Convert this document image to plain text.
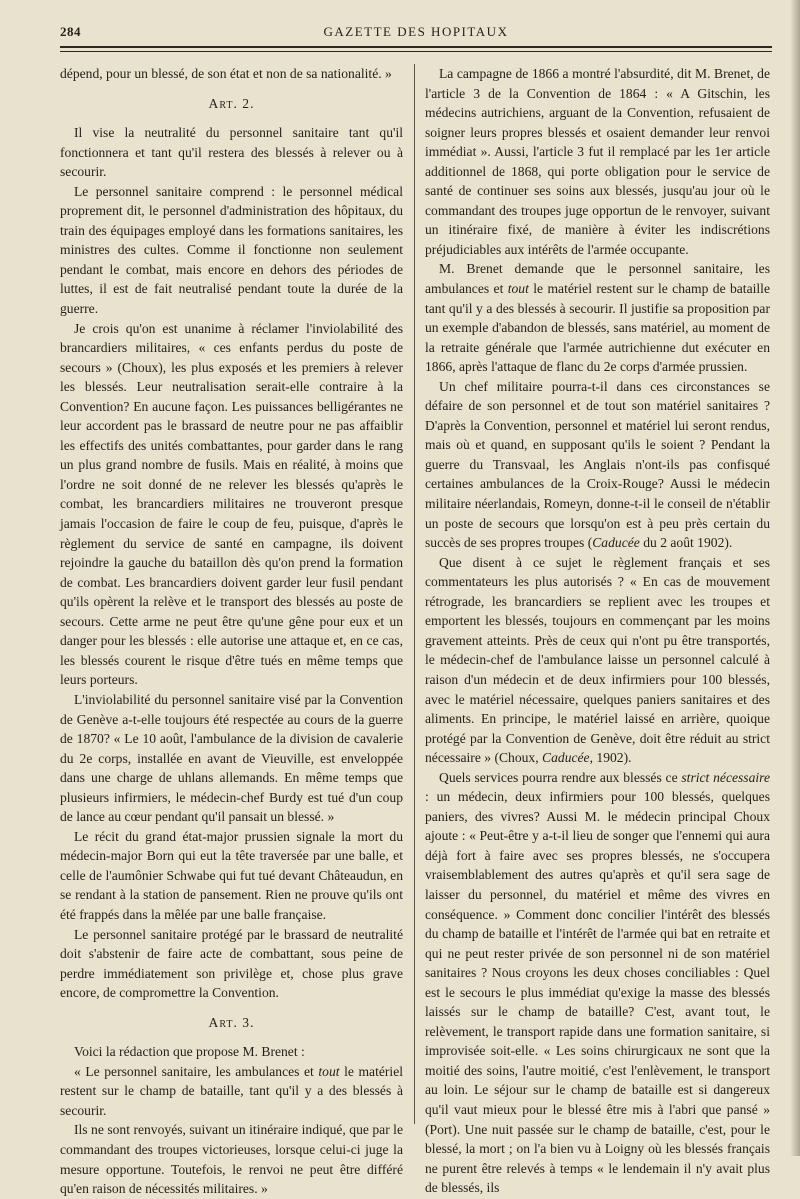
284	GAZETTE DES HOPITAUX

dépend, pour un blessé, de son état et non de sa nationalité. »

Art. 2.

Il vise la neutralité du personnel sanitaire tant qu'il fonctionnera et tant qu'il restera des blessés à relever ou à secourir.

Le personnel sanitaire comprend : le personnel médical proprement dit, le personnel d'administration des hôpitaux, du train des équipages employé dans les formations sanitaires, les ministres des cultes. Comme il fonctionne non seulement pendant le combat, mais encore en dehors des périodes de luttes, il est de fait neutralisé pendant toute la durée de la guerre.

Je crois qu'on est unanime à réclamer l'inviolabilité des brancardiers militaires, « ces enfants perdus du poste de secours » (Choux), les plus exposés et les premiers à relever les blessés. Leur neutralisation serait-elle contraire à la Convention? En aucune façon. Les puissances belligérantes ne leur accordent pas le brassard de neutre pour ne pas affaiblir les effectifs des unités combattantes, pour garder dans le rang un plus grand nombre de fusils. Mais en réalité, à moins que l'ordre ne soit donné de ne relever les blessés qu'après le combat, les brancardiers militaires ne trouveront presque jamais l'occasion de faire le coup de feu, puisque, d'après le règlement du service de santé en campagne, ils doivent rejoindre la gauche du bataillon dès qu'on prend la formation de combat. Les brancardiers doivent garder leur fusil pendant qu'ils opèrent la relève et le transport des blessés au poste de secours. Cette arme ne peut être qu'une gêne pour eux et un danger pour les blessés : elle autorise une attaque et, en ce cas, les blessés courent le risque d'être tués en même temps que leurs porteurs.

L'inviolabilité du personnel sanitaire visé par la Convention de Genève a-t-elle toujours été respectée au cours de la guerre de 1870? « Le 10 août, l'ambulance de la division de cavalerie du 2e corps, installée en avant de Vieuville, est enveloppée dans une charge de uhlans allemands. En même temps que plusieurs infirmiers, le médecin-chef Burdy est tué d'un coup de lance au cœur pendant qu'il pansait un blessé. »

Le récit du grand état-major prussien signale la mort du médecin-major Born qui eut la tête traversée par une balle, et celle de l'aumônier Schwabe qui fut tué devant Châteaudun, en se rendant à la station de pansement. Rien ne prouve qu'ils ont été frappés dans la mêlée par une balle française.

Le personnel sanitaire protégé par le brassard de neutralité doit s'abstenir de faire acte de combattant, sous peine de perdre immédiatement son privilège et, chose plus grave encore, de compromettre la Convention.

Art. 3.

Voici la rédaction que propose M. Brenet :

« Le personnel sanitaire, les ambulances et tout le matériel restent sur le champ de bataille, tant qu'il y a des blessés à secourir.

Ils ne sont renvoyés, suivant un itinéraire indiqué, que par le commandant des troupes victorieuses, lorsque celui-ci juge la mesure opportune. Toutefois, le renvoi ne peut être différé qu'en raison de nécessités militaires. »

La campagne de 1866 a montré l'absurdité, dit M. Brenet, de l'article 3 de la Convention de 1864 : « A Gitschin, les médecins autrichiens, arguant de la Convention, refusaient de soigner leurs propres blessés et osaient demander leur renvoi immédiat ». Aussi, l'article 3 fut il remplacé par les 1er article additionnel de 1868, qui porte obligation pour le service de santé de continuer ses soins aux blessés, jusqu'au jour où le commandant des troupes juge opportun de le renvoyer, suivant un itinéraire fixé, de manière à éviter les indiscrétions préjudiciables aux intérêts de l'armée occupante.

M. Brenet demande que le personnel sanitaire, les ambulances et tout le matériel restent sur le champ de bataille tant qu'il y a des blessés à secourir. Il justifie sa proposition par un exemple d'abandon de blessés, sans matériel, au moment de la retraite générale que l'armée autrichienne dut exécuter en 1866, après l'attaque de flanc du 2e corps d'armée prussien.

Un chef militaire pourra-t-il dans ces circonstances se défaire de son personnel et de tout son matériel sanitaires ? D'après la Convention, personnel et matériel lui seront rendus, mais où et quand, en supposant qu'ils le soient ? Pendant la guerre du Transvaal, les Anglais n'ont-ils pas confisqué certaines ambulances de la Croix-Rouge? Aussi le médecin militaire néerlandais, Romeyn, donne-t-il le conseil de n'établir un poste de secours que lorsqu'on est à peu près certain du succès de ses propres troupes (Caducée du 2 août 1902).

Que disent à ce sujet le règlement français et ses commentateurs les plus autorisés ? « En cas de mouvement rétrograde, les brancardiers se replient avec les troupes et emportent les blessés, toujours en commençant par les moins gravement atteints. Près de ceux qui n'ont pu être transportés, le médecin-chef de l'ambulance laisse un personnel calculé à raison d'un médecin et de deux infirmiers pour 100 blessés, avec le matériel nécessaire, quelques paniers sanitaires et des aliments. En principe, le matériel laissé en arrière, quoique protégé par la Convention de Genève, doit être réduit au strict nécessaire » (Choux, Caducée, 1902).

Quels services pourra rendre aux blessés ce strict nécessaire : un médecin, deux infirmiers pour 100 blessés, quelques paniers, des vivres? Aussi M. le médecin principal Choux ajoute : « Peut-être y a-t-il lieu de songer que l'ennemi qui aura déjà fort à faire avec ses propres blessés, ne s'occupera vraisemblablement des autres qu'après et qu'il sera sage de laisser du personnel, du matériel et même des vivres en conséquence. » Comment donc concilier l'intérêt des blessés du champ de bataille et l'intérêt de l'armée qui bat en retraite et qui ne peut rester privée de son personnel ni de son matériel sanitaires ? Nous croyons les deux choses conciliables : Quel est le secours le plus immédiat qu'exige la masse des blessés laissés sur le champ de bataille? C'est, avant tout, le relèvement, le transport rapide dans une formation sanitaire, si improvisée soit-elle. « Les soins chirurgicaux ne sont que la moitié des soins, l'autre moitié, c'est l'enlèvement, le transport au loin. Le séjour sur le champ de bataille est si dangereux qu'il vaut mieux pour le blessé être mis à l'abri que pansé » (Port). Une nuit passée sur le champ de bataille, c'est, pour le blessé, la mort ; on l'a bien vu à Loigny où les blessés français ne purent être relevés à temps « le lendemain il n'y avait plus de blessés, ils
